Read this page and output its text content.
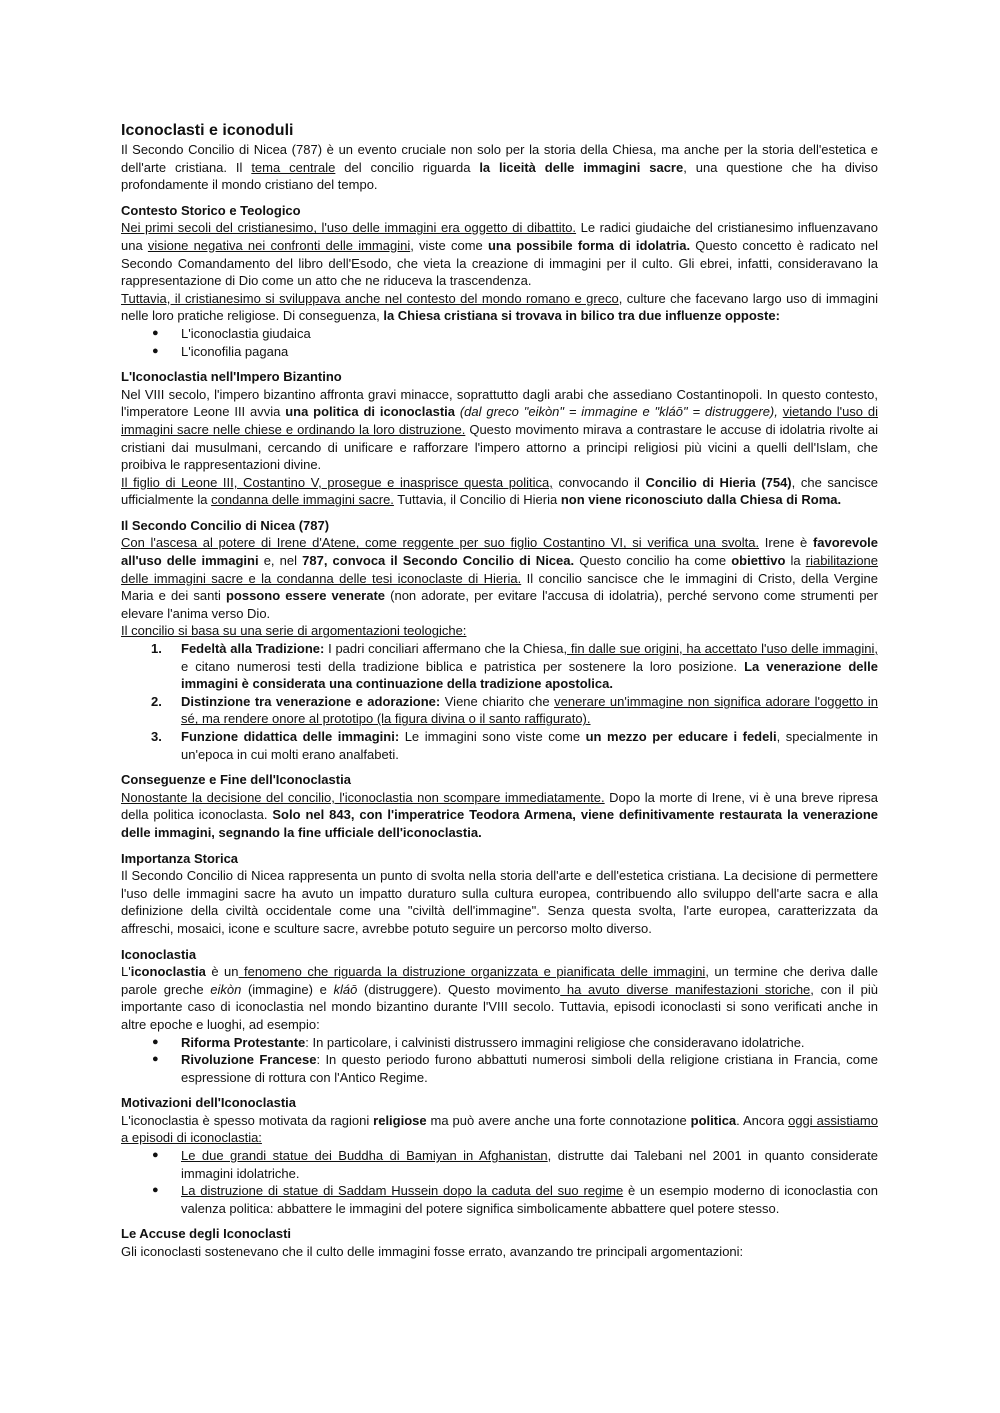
Iconoclasti e iconoduli

Il Secondo Concilio di Nicea (787) è un evento cruciale non solo per la storia della Chiesa, ma anche per la storia dell'estetica e dell'arte cristiana. Il tema centrale del concilio riguarda la liceità delle immagini sacre, una questione che ha diviso profondamente il mondo cristiano del tempo.

Contesto Storico e Teologico

Nei primi secoli del cristianesimo, l'uso delle immagini era oggetto di dibattito. Le radici giudaiche del cristianesimo influenzavano una visione negativa nei confronti delle immagini, viste come una possibile forma di idolatria. Questo concetto è radicato nel Secondo Comandamento del libro dell'Esodo, che vieta la creazione di immagini per il culto. Gli ebrei, infatti, consideravano la rappresentazione di Dio come un atto che ne riduceva la trascendenza.

Tuttavia, il cristianesimo si sviluppava anche nel contesto del mondo romano e greco, culture che facevano largo uso di immagini nelle loro pratiche religiose. Di conseguenza, la Chiesa cristiana si trovava in bilico tra due influenze opposte:

●	L'iconoclastia giudaica
●	L'iconofilia pagana
L'Iconoclastia nell'Impero Bizantino

Nel VIII secolo, l'impero bizantino affronta gravi minacce, soprattutto dagli arabi che assediano Costantinopoli. In questo contesto, l'imperatore Leone III avvia una politica di iconoclastia (dal greco "eikòn" = immagine e "kláō" = distruggere), vietando l'uso di immagini sacre nelle chiese e ordinando la loro distruzione. Questo movimento mirava a contrastare le accuse di idolatria rivolte ai cristiani dai musulmani, cercando di unificare e rafforzare l'impero attorno a principi religiosi più vicini a quelli dell'Islam, che proibiva le rappresentazioni divine.

Il figlio di Leone III, Costantino V, prosegue e inasprisce questa politica, convocando il Concilio di Hieria (754), che sancisce ufficialmente la condanna delle immagini sacre. Tuttavia, il Concilio di Hieria non viene riconosciuto dalla Chiesa di Roma.

Il Secondo Concilio di Nicea (787)

Con l'ascesa al potere di Irene d'Atene, come reggente per suo figlio Costantino VI, si verifica una svolta. Irene è favorevole all'uso delle immagini e, nel 787, convoca il Secondo Concilio di Nicea. Questo concilio ha come obiettivo la riabilitazione delle immagini sacre e la condanna delle tesi iconoclaste di Hieria. Il concilio sancisce che le immagini di Cristo, della Vergine Maria e dei santi possono essere venerate (non adorate, per evitare l'accusa di idolatria), perché servono come strumenti per elevare l'anima verso Dio.

Il concilio si basa su una serie di argomentazioni teologiche:

1.	Fedeltà alla Tradizione: I padri conciliari affermano che la Chiesa, fin dalle sue origini, ha accettato l'uso delle immagini, e citano numerosi testi della tradizione biblica e patristica per sostenere la loro posizione. La venerazione delle immagini è considerata una continuazione della tradizione apostolica.
2.	Distinzione tra venerazione e adorazione: Viene chiarito che venerare un'immagine non significa adorare l'oggetto in sé, ma rendere onore al prototipo (la figura divina o il santo raffigurato).
3.	Funzione didattica delle immagini: Le immagini sono viste come un mezzo per educare i fedeli, specialmente in un'epoca in cui molti erano analfabeti.
Conseguenze e Fine dell'Iconoclastia

Nonostante la decisione del concilio, l'iconoclastia non scompare immediatamente. Dopo la morte di Irene, vi è una breve ripresa della politica iconoclasta. Solo nel 843, con l'imperatrice Teodora Armena, viene definitivamente restaurata la venerazione delle immagini, segnando la fine ufficiale dell'iconoclastia.

Importanza Storica

Il Secondo Concilio di Nicea rappresenta un punto di svolta nella storia dell'arte e dell'estetica cristiana. La decisione di permettere l'uso delle immagini sacre ha avuto un impatto duraturo sulla cultura europea, contribuendo allo sviluppo dell'arte sacra e alla definizione della civiltà occidentale come una "civiltà dell'immagine". Senza questa svolta, l'arte europea, caratterizzata da affreschi, mosaici, icone e sculture sacre, avrebbe potuto seguire un percorso molto diverso.

Iconoclastia

L'iconoclastia è un fenomeno che riguarda la distruzione organizzata e pianificata delle immagini, un termine che deriva dalle parole greche eikòn (immagine) e kláō (distruggere). Questo movimento ha avuto diverse manifestazioni storiche, con il più importante caso di iconoclastia nel mondo bizantino durante l'VIII secolo. Tuttavia, episodi iconoclasti si sono verificati anche in altre epoche e luoghi, ad esempio:

●	Riforma Protestante: In particolare, i calvinisti distrussero immagini religiose che consideravano idolatriche.
●	Rivoluzione Francese: In questo periodo furono abbattuti numerosi simboli della religione cristiana in Francia, come espressione di rottura con l'Antico Regime.
Motivazioni dell'Iconoclastia

L'iconoclastia è spesso motivata da ragioni religiose ma può avere anche una forte connotazione politica. Ancora oggi assistiamo a episodi di iconoclastia:

●	Le due grandi statue dei Buddha di Bamiyan in Afghanistan, distrutte dai Talebani nel 2001 in quanto considerate immagini idolatriche.
●	La distruzione di statue di Saddam Hussein dopo la caduta del suo regime è un esempio moderno di iconoclastia con valenza politica: abbattere le immagini del potere significa simbolicamente abbattere quel potere stesso.
Le Accuse degli Iconoclasti

Gli iconoclasti sostenevano che il culto delle immagini fosse errato, avanzando tre principali argomentazioni:
